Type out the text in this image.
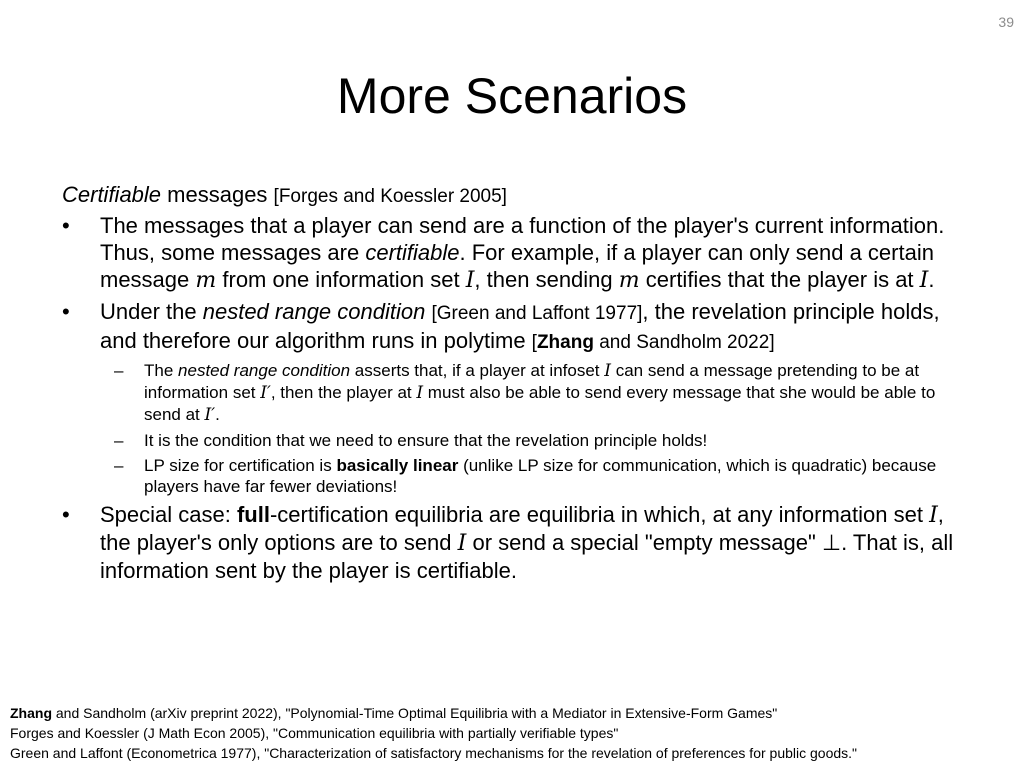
39
More Scenarios

Certifiable messages [Forges and Koessler 2005]

• The messages that a player can send are a function of the player's current information. Thus, some messages are certifiable. For example, if a player can only send a certain message m from one information set I, then sending m certifies that the player is at I.
• Under the nested range condition [Green and Laffont 1977], the revelation principle holds, and therefore our algorithm runs in polytime [Zhang and Sandholm 2022]
– The nested range condition asserts that, if a player at infoset I can send a message pretending to be at information set I′, then the player at I must also be able to send every message that she would be able to send at I′.
– It is the condition that we need to ensure that the revelation principle holds!
– LP size for certification is basically linear (unlike LP size for communication, which is quadratic) because players have far fewer deviations!
• Special case: full-certification equilibria are equilibria in which, at any information set I, the player's only options are to send I or send a special "empty message" ⊥. That is, all information sent by the player is certifiable.
Zhang and Sandholm (arXiv preprint 2022), "Polynomial-Time Optimal Equilibria with a Mediator in Extensive-Form Games"
Forges and Koessler (J Math Econ 2005), "Communication equilibria with partially verifiable types"
Green and Laffont (Econometrica 1977), "Characterization of satisfactory mechanisms for the revelation of preferences for public goods."
